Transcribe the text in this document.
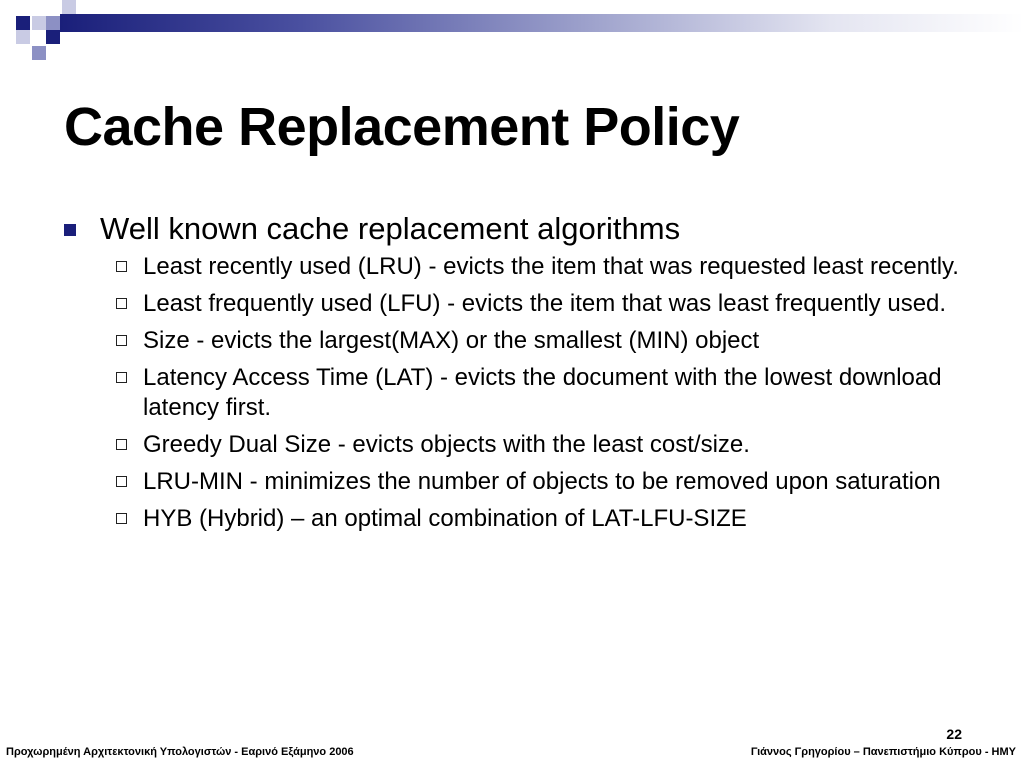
Cache Replacement Policy
Well known cache replacement algorithms
Least recently used (LRU) - evicts the item that was requested least recently.
Least frequently used (LFU) - evicts the item that was least frequently used.
Size - evicts the largest(MAX) or the smallest (MIN) object
Latency Access Time (LAT) - evicts the document with the lowest download latency first.
Greedy Dual Size - evicts objects with the least cost/size.
LRU-MIN - minimizes the number of objects to be removed upon saturation
HYB (Hybrid) – an optimal combination of LAT-LFU-SIZE
22
Προχωρημένη Αρχιτεκτονική Υπολογιστών - Εαρινό Εξάμηνο 2006	Γιάννος Γρηγορίου – Πανεπιστήμιο Κύπρου - ΗΜΥ
